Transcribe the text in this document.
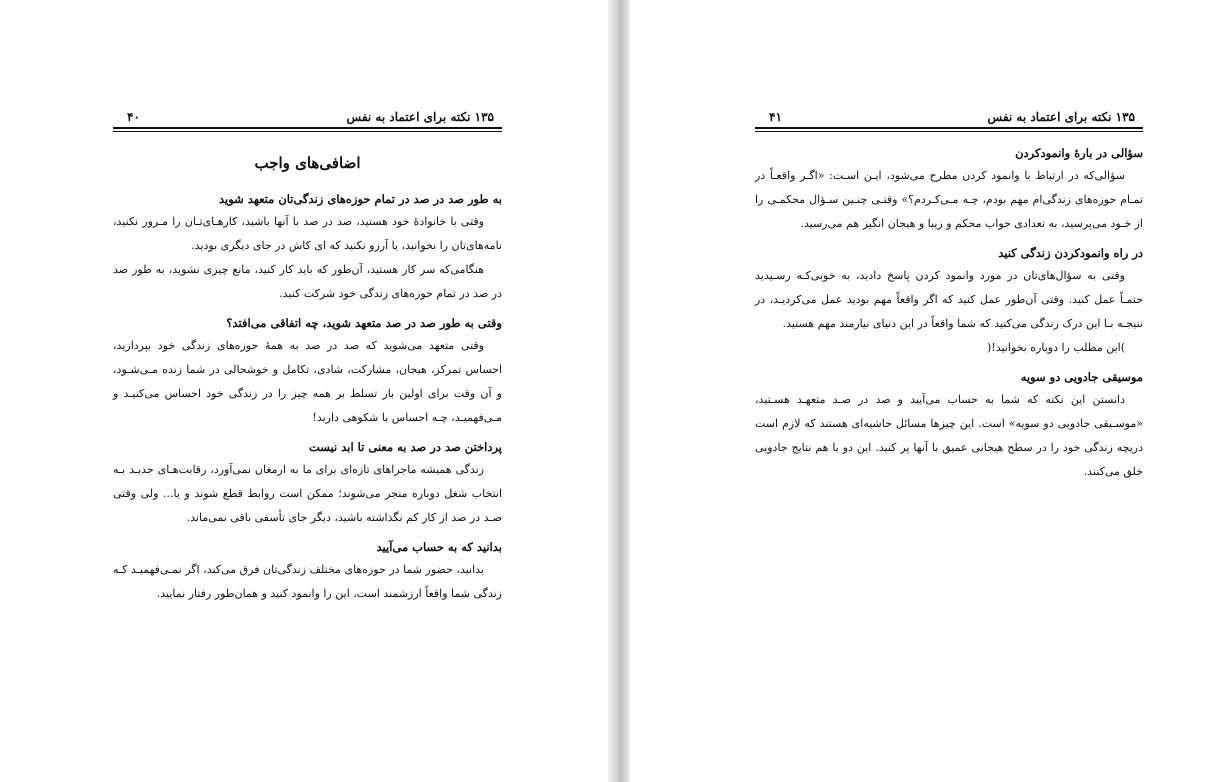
۱۳۵ نکته برای اعتماد به نفس
۴۰
اضافی‌های واجب

به طور صد در صد در تمام حوزه‌های زندگی‌تان متعهد شوید

وقتی با خانوادهٔ خود هستید، صد در صد با آنها باشید، کارهـای‌تـان را مـرور نکنید، نامه‌های‌تان را نخوانید، یا آرزو نکنید که ای کاش در جای دیگری بودید.

هنگامی‌که سر کار هستید، آن‌طور که باید کار کنید، مانع چیزی نشوید، به طور صد در صد در تمام حوزه‌های زندگی خود شرکت کنید.

وقتی به طور صد در صد متعهد شوید، چه اتفاقی می‌افتد؟

وقتی متعهد می‌شوید که صد در صد به همهٔ حوزه‌های زندگی خود بپردازید، احساس تمرکز، هیجان، مشارکت، شادی، تکامل و خوشحالی در شما زنده مـی‌شـود، و آن وقت برای اولین بار تسلط بر همه چیز را در زندگی خود احساس می‌کنیـد و مـی‌فهمیـد، چـه احساس با شکوهی دارید!

پرداختن صد در صد به معنی تا ابد نیست

زندگی همیشه ماجراهای تازه‌ای برای ما به ارمغان نمی‌آورد، رقابت‌هـای جدیـد بـه انتخاب شغل دوباره منجر می‌شوند؛ ممکن است روابط قطع شوند و یا... ولی وقتی صـد در صد از کار کم نگذاشته باشید، دیگر جای تأسفی باقی نمی‌ماند.

بدانید که به حساب می‌آیید

بدانید، حضور شما در حوزه‌های مختلف زندگی‌تان فرق می‌کند، اگر نمـی‌فهمیـد کـه زندگی شما واقعاً ارزشمند است، این را وانمود کنید و همان‌طور رفتار نمایید.

۱۳۵ نکته برای اعتماد به نفس
۴۱

سؤالی در بارهٔ وانمودکردن

سؤالی‌که در ارتباط با وانمود کردن مطرح می‌شود، ایـن اسـت: «اگـر واقعـاً در تمـام حوزه‌های زندگی‌ام مهم بودم، چـه مـی‌کـردم؟» وقتـی چنـین سـؤال محکمـی را از خـود می‌پرسید، به تعدادی جواب محکم و زیبا و هیجان انگیز هم می‌رسید.

در راه وانمودکردن زندگی کنید

وقتی به سؤال‌های‌تان در مورد وانمود کردن پاسخ دادید، به خوبی‌کـه رسـیدید حتمـاً عمل کنید. وقتی آن‌طور عمل کنید که اگر واقعاً مهم بودید عمل می‌کردیـد، در نتیجـه بـا این درک زندگی می‌کنید که شما واقعاً در این دنیای نیازمند مهم هستید.

)این مطلب را دوباره بخوانید!(

موسیقی جادویی دو سویه

دانستن این نکته که شما به حساب می‌آیید و صد در صـد متعهـد هسـتید، «موسـیقی جادویی دو سویه» است. این چیزها مسائل حاشیه‌ای هستند که لازم است دریچه زندگی خود را در سطح هیجانی عمیق با آنها پر کنید. این دو با هم نتایج جادویی خلق می‌کنند.
